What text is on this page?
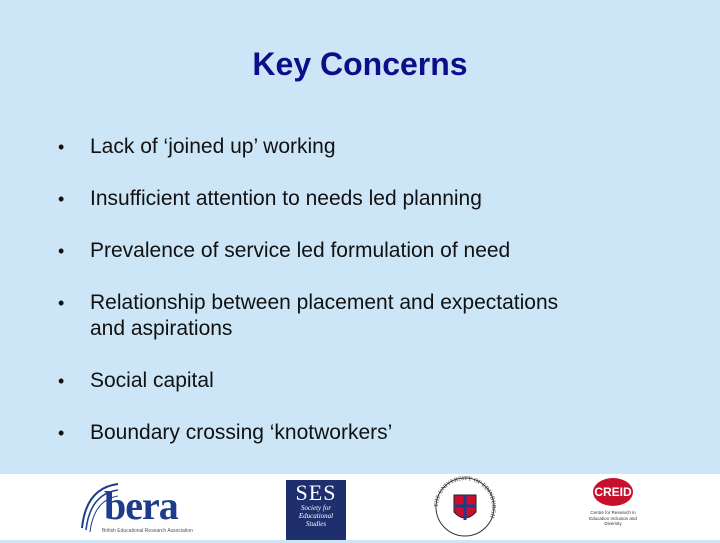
Key Concerns
• Lack of ‘joined up’ working
• Insufficient attention to needs led planning
• Prevalence of service led formulation of need
• Relationship between placement and expectations
and aspirations
• Social capital
• Boundary crossing ‘knotworkers’
bera
British Educational Research Association
SES
Society for
Educational
Studies
THE UNIVERSITY OF EDINBURGH
CREID
Centre for Research in Education Inclusion and Diversity
